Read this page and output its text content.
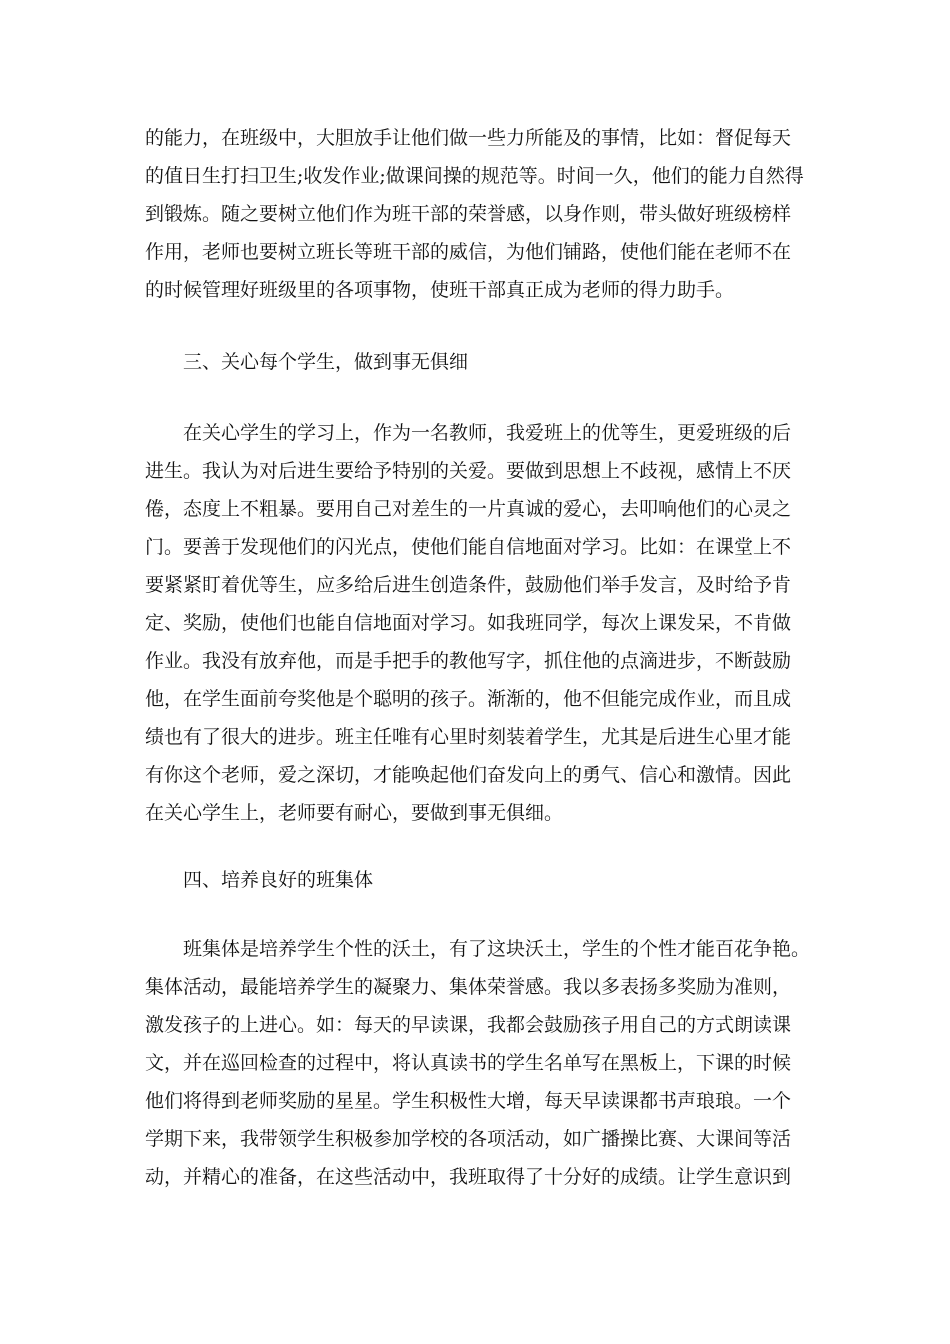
的能力，在班级中，大胆放手让他们做一些力所能及的事情，比如：督促每天
的值日生打扫卫生;收发作业;做课间操的规范等。时间一久，他们的能力自然得
到锻炼。随之要树立他们作为班干部的荣誉感，以身作则，带头做好班级榜样
作用，老师也要树立班长等班干部的威信，为他们铺路，使他们能在老师不在
的时候管理好班级里的各项事物，使班干部真正成为老师的得力助手。
三、关心每个学生，做到事无俱细
在关心学生的学习上，作为一名教师，我爱班上的优等生，更爱班级的后
进生。我认为对后进生要给予特别的关爱。要做到思想上不歧视，感情上不厌
倦，态度上不粗暴。要用自己对差生的一片真诚的爱心，去叩响他们的心灵之
门。要善于发现他们的闪光点，使他们能自信地面对学习。比如：在课堂上不
要紧紧盯着优等生，应多给后进生创造条件，鼓励他们举手发言，及时给予肯
定、奖励，使他们也能自信地面对学习。如我班同学，每次上课发呆，不肯做
作业。我没有放弃他，而是手把手的教他写字，抓住他的点滴进步，不断鼓励
他，在学生面前夸奖他是个聪明的孩子。渐渐的，他不但能完成作业，而且成
绩也有了很大的进步。班主任唯有心里时刻装着学生，尤其是后进生心里才能
有你这个老师，爱之深切，才能唤起他们奋发向上的勇气、信心和激情。因此
在关心学生上，老师要有耐心，要做到事无俱细。
四、培养良好的班集体
班集体是培养学生个性的沃土，有了这块沃土，学生的个性才能百花争艳。
集体活动，最能培养学生的凝聚力、集体荣誉感。我以多表扬多奖励为准则，
激发孩子的上进心。如：每天的早读课，我都会鼓励孩子用自己的方式朗读课
文，并在巡回检查的过程中，将认真读书的学生名单写在黑板上，下课的时候
他们将得到老师奖励的星星。学生积极性大增，每天早读课都书声琅琅。一个
学期下来，我带领学生积极参加学校的各项活动，如广播操比赛、大课间等活
动，并精心的准备，在这些活动中，我班取得了十分好的成绩。让学生意识到
